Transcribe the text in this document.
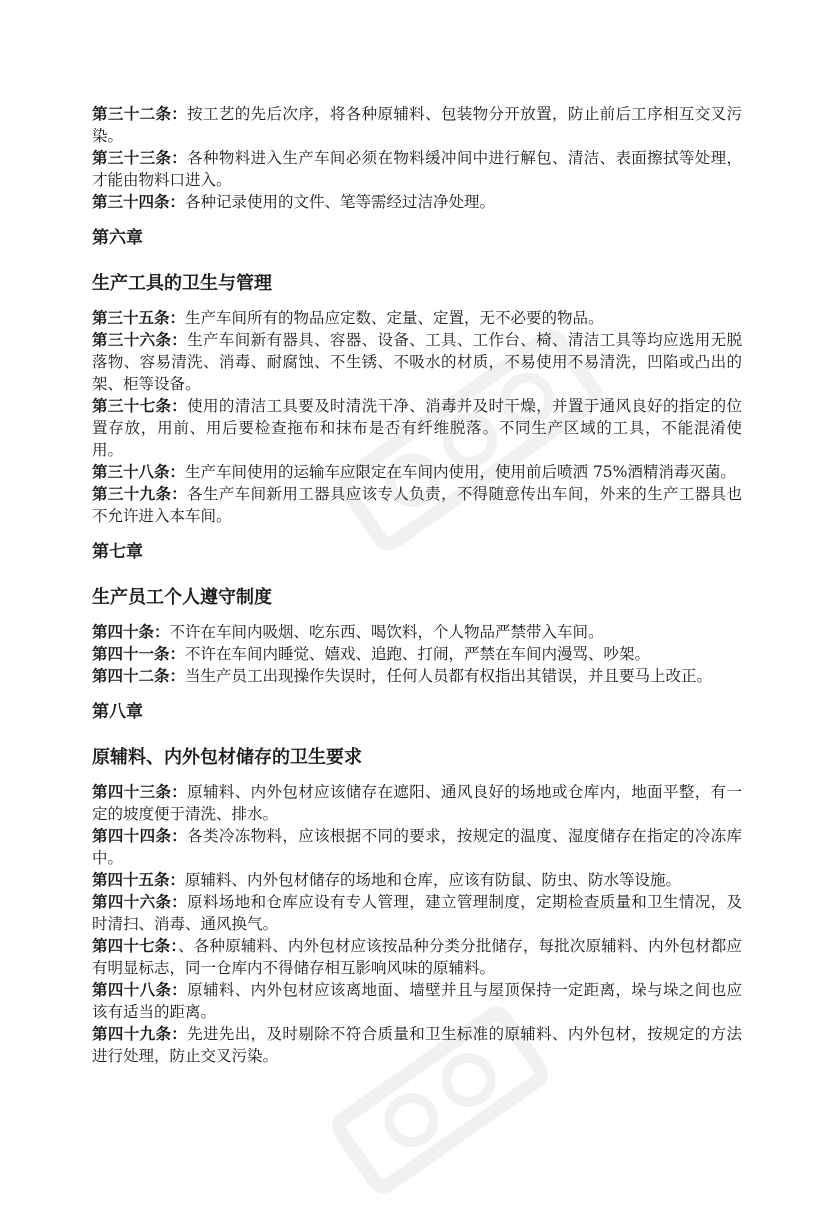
第三十二条：按工艺的先后次序，将各种原辅料、包装物分开放置，防止前后工序相互交叉污染。

第三十三条：各种物料进入生产车间必须在物料缓冲间中进行解包、清洁、表面擦拭等处理，才能由物料口进入。

第三十四条：各种记录使用的文件、笔等需经过洁净处理。

第六章

生产工具的卫生与管理

第三十五条：生产车间所有的物品应定数、定量、定置，无不必要的物品。

第三十六条：生产车间新有器具、容器、设备、工具、工作台、椅、清洁工具等均应选用无脱落物、容易清洗、消毒、耐腐蚀、不生锈、不吸水的材质，不易使用不易清洗，凹陷或凸出的架、柜等设备。

第三十七条：使用的清洁工具要及时清洗干净、消毒并及时干燥，并置于通风良好的指定的位置存放，用前、用后要检查拖布和抹布是否有纤维脱落。不同生产区域的工具，不能混淆使用。

第三十八条：生产车间使用的运输车应限定在车间内使用，使用前后喷洒 75%酒精消毒灭菌。

第三十九条：各生产车间新用工器具应该专人负责，不得随意传出车间，外来的生产工器具也不允许进入本车间。

第七章

生产员工个人遵守制度

第四十条：不许在车间内吸烟、吃东西、喝饮料，个人物品严禁带入车间。

第四十一条：不许在车间内睡觉、嬉戏、追跑、打闹，严禁在车间内漫骂、吵架。

第四十二条：当生产员工出现操作失误时，任何人员都有权指出其错误，并且要马上改正。

第八章

原辅料、内外包材储存的卫生要求

第四十三条：原辅料、内外包材应该储存在遮阳、通风良好的场地或仓库内，地面平整，有一定的坡度便于清洗、排水。

第四十四条：各类冷冻物料，应该根据不同的要求，按规定的温度、湿度储存在指定的冷冻库中。

第四十五条：原辅料、内外包材储存的场地和仓库，应该有防鼠、防虫、防水等设施。

第四十六条：原料场地和仓库应设有专人管理，建立管理制度，定期检查质量和卫生情况，及时清扫、消毒、通风换气。

第四十七条：、各种原辅料、内外包材应该按品种分类分批储存，每批次原辅料、内外包材都应有明显标志，同一仓库内不得储存相互影响风味的原辅料。

第四十八条：原辅料、内外包材应该离地面、墙壁并且与屋顶保持一定距离，垛与垛之间也应该有适当的距离。

第四十九条：先进先出，及时剔除不符合质量和卫生标准的原辅料、内外包材，按规定的方法进行处理，防止交叉污染。
